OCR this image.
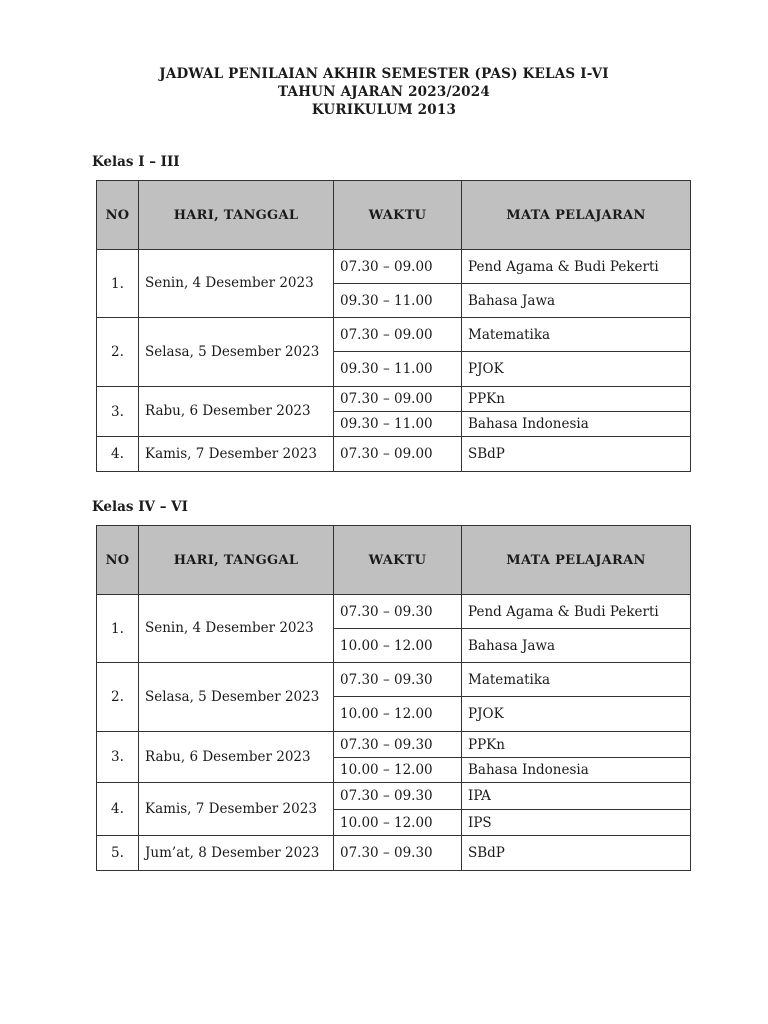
JADWAL PENILAIAN AKHIR SEMESTER (PAS) KELAS I-VI
TAHUN AJARAN 2023/2024
KURIKULUM 2013
Kelas I – III
NO	HARI, TANGGAL	WAKTU	MATA PELAJARAN
1.	Senin, 4 Desember 2023	07.30 – 09.00	Pend Agama & Budi Pekerti
		09.30 – 11.00	Bahasa Jawa
2.	Selasa, 5 Desember 2023	07.30 – 09.00	Matematika
		09.30 – 11.00	PJOK
3.	Rabu, 6 Desember 2023	07.30 – 09.00	PPKn
		09.30 – 11.00	Bahasa Indonesia
4.	Kamis, 7 Desember 2023	07.30 – 09.00	SBdP
Kelas IV – VI
NO	HARI, TANGGAL	WAKTU	MATA PELAJARAN
1.	Senin, 4 Desember 2023	07.30 – 09.30	Pend Agama & Budi Pekerti
		10.00 – 12.00	Bahasa Jawa
2.	Selasa, 5 Desember 2023	07.30 – 09.30	Matematika
		10.00 – 12.00	PJOK
3.	Rabu, 6 Desember 2023	07.30 – 09.30	PPKn
		10.00 – 12.00	Bahasa Indonesia
4.	Kamis, 7 Desember 2023	07.30 – 09.30	IPA
		10.00 – 12.00	IPS
5.	Jum’at, 8 Desember 2023	07.30 – 09.30	SBdP
